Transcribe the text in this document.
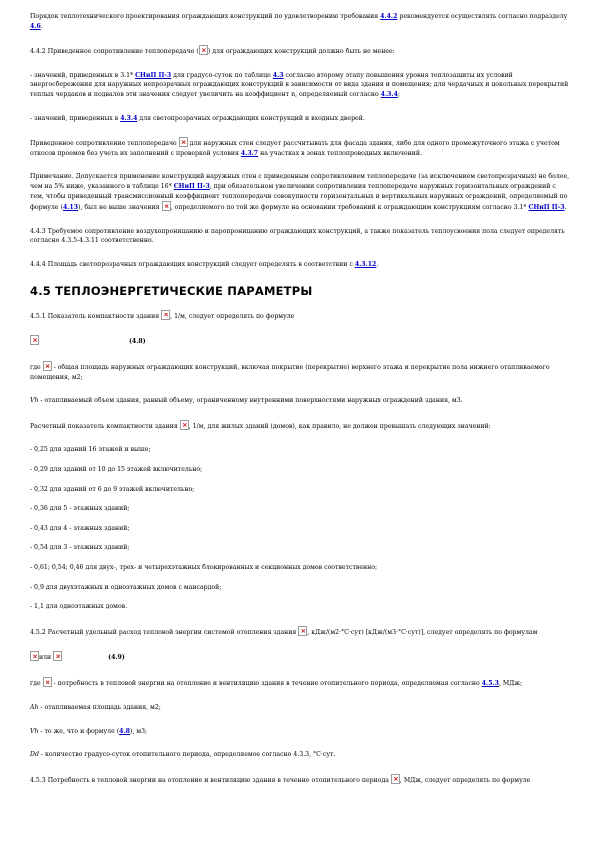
Порядок теплотехнического проектирования ограждающих конструкций по удовлетворению требования 4.4.2 рекомендуется осуществлять согласно подразделу 4.6.

4.4.2 Приведенное сопротивление теплопередаче ( ) для ограждающих конструкций должно быть не менее:

- значений, приведенных в 3.1* СНиП П-3 для градусо-суток по таблице 4.3 согласно второму этапу повышения уровня теплозащиты их условий энергосбережения для наружных непрозрачных ограждающих конструкций в зависимости от вида здания и помещения; для чердачных и цокольных перекрытий теплых чердаков и подвалов эти значения следует увеличить на коэффициент n, определяемый согласно 4.3.4;

- значений, приведенных в 4.3.4 для светопрозрачных ограждающих конструкций и входных дверей.

Приведенное сопротивление теплопередаче  для наружных стен следует рассчитывать для фасада здания, либо для одного промежуточного этажа с учетом откосов проемов без учета их заполнений с проверкой условия 4.3.7 на участках в зонах теплопроводных включений.

Примечание. Допускается применение конструкций наружных стен с приведенным сопротивлением теплопередаче (за исключением светопрозрачных) не более, чем на 5% ниже, указанного в таблице 16* СНиП П-3, при обязательном увеличении сопротивления теплопередаче наружных горизонтальных ограждений с тем, чтобы приведенный трансмиссионный коэффициент теплопередачи совокупности горизонтальных и вертикальных наружных ограждений, определяемый по формуле (4.13), был не выше значения , определяемого по той же формуле на основании требований к ограждающим конструкциям согласно 3.1* СНиП П-3.

4.4.3 Требуемое сопротивление воздухопроницанию и паропроницанию ограждающих конструкций, а также показатель теплоусвоения пола следует определять согласно 4.3.5-4.3.11 соответственно.

4.4.4 Площадь светопрозрачных ограждающих конструкций следует определять в соответствии с 4.3.12.

4.5 ТЕПЛОЭНЕРГЕТИЧЕСКИЕ ПАРАМЕТРЫ

4.5.1 Показатель компактности здания , 1/м, следует определять по формуле

(4.8)

где  - общая площадь наружных ограждающих конструкций, включая покрытие (перекрытие) верхнего этажа и перекрытие пола нижнего отапливаемого помещения, м2;

Vh - отапливаемый объем здания, равный объему, ограниченному внутренними поверхностями наружных ограждений здания, м3.

Расчетный показатель компактности здания , 1/м, для жилых зданий (домов), как правило, не должен превышать следующих значений:

- 0,25 для зданий 16 этажей и выше;

- 0,29 для зданий от 10 до 15 этажей включительно;

- 0,32 для зданий от 6 до 9 этажей включительно;

- 0,36 для 5 - этажных зданий;

- 0,43 для 4 - этажных зданий;

- 0,54 для 3 - этажных зданий;

- 0,61; 0,54; 0,46 для двух-, трех- и четырехэтажных блокированных и секционных домов соответственно;

- 0,9 для двухэтажных и одноэтажных домов с мансардой;

- 1,1 для одноэтажных домов.

4.5.2 Расчетный удельный расход тепловой энергии системой отопления здания , кДж/(м2·°С·сут) [кДж/(м3·°С·сут)], следует определять по формулам

или	(4.9)

где  - потребность в тепловой энергии на отопление и вентиляцию здания в течение отопительного периода, определяемая согласно 4.5.3, МДж;

Ah - отапливаемая площадь здания, м2;

Vh - то же, что и формуле (4.8), м3;

Dd - количество градусо-суток отопительного периода, определяемое согласно 4.3.3, °С·сут.

4.5.3 Потребность в тепловой энергии на отопление и вентиляцию здания в течение отопительного периода , МДж, следует определять по формуле
